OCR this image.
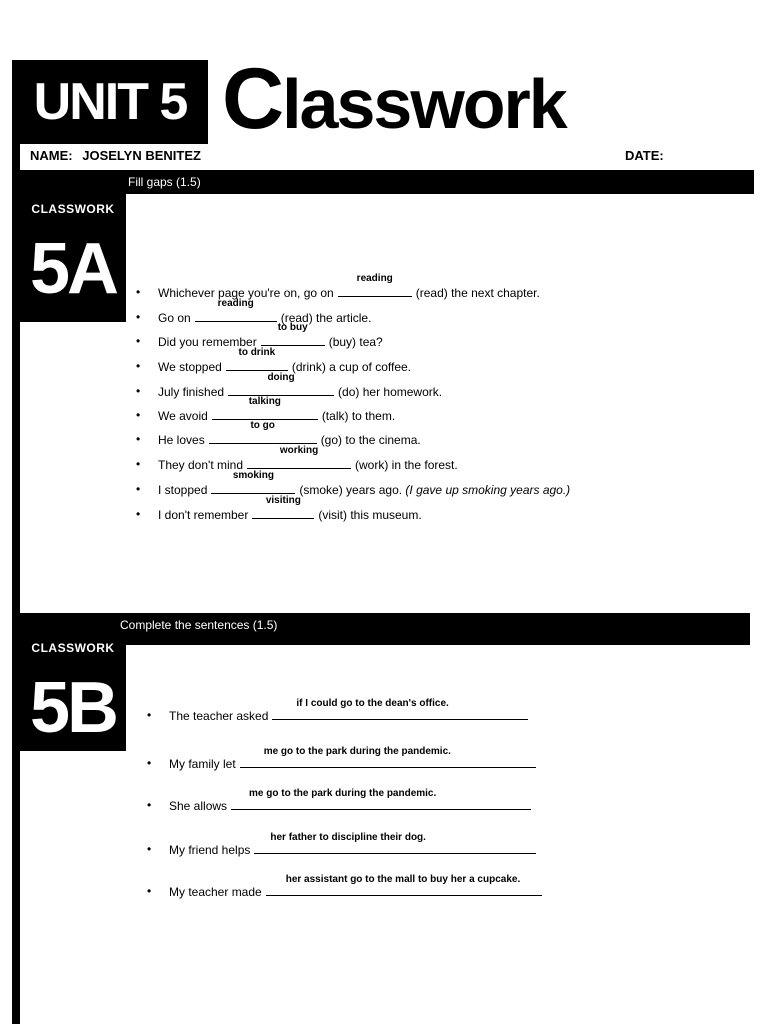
UNIT 5 Classwork
NAME: JOSELYN BENITEZ	DATE:
Fill gaps (1.5)
CLASSWORK
5A	• Whichever page you're on, go on
reading
(read) the next chapter.
• Go on
reading
(read) the article.
• Did you remember
to buy
(buy) tea?
• We stopped
to drink
(drink) a cup of coffee.
• July finished
doing
(do) her homework.
• We avoid
talking
(talk) to them.
• He loves
to go
(go) to the cinema.
• They don't mind
working
(work) in the forest.
• I stopped
smoking
(smoke) years ago. (I gave up smoking years ago.)
• I don't remember
visiting
(visit) this museum.
Complete the sentences (1.5)
CLASSWORK
5B	• The teacher asked
if I could go to the dean's office.
• My family let
me go to the park during the pandemic.
• She allows
me go to the park during the pandemic.
• My friend helps
her father to discipline their dog.
• My teacher made
her assistant go to the mall to buy her a cupcake.
